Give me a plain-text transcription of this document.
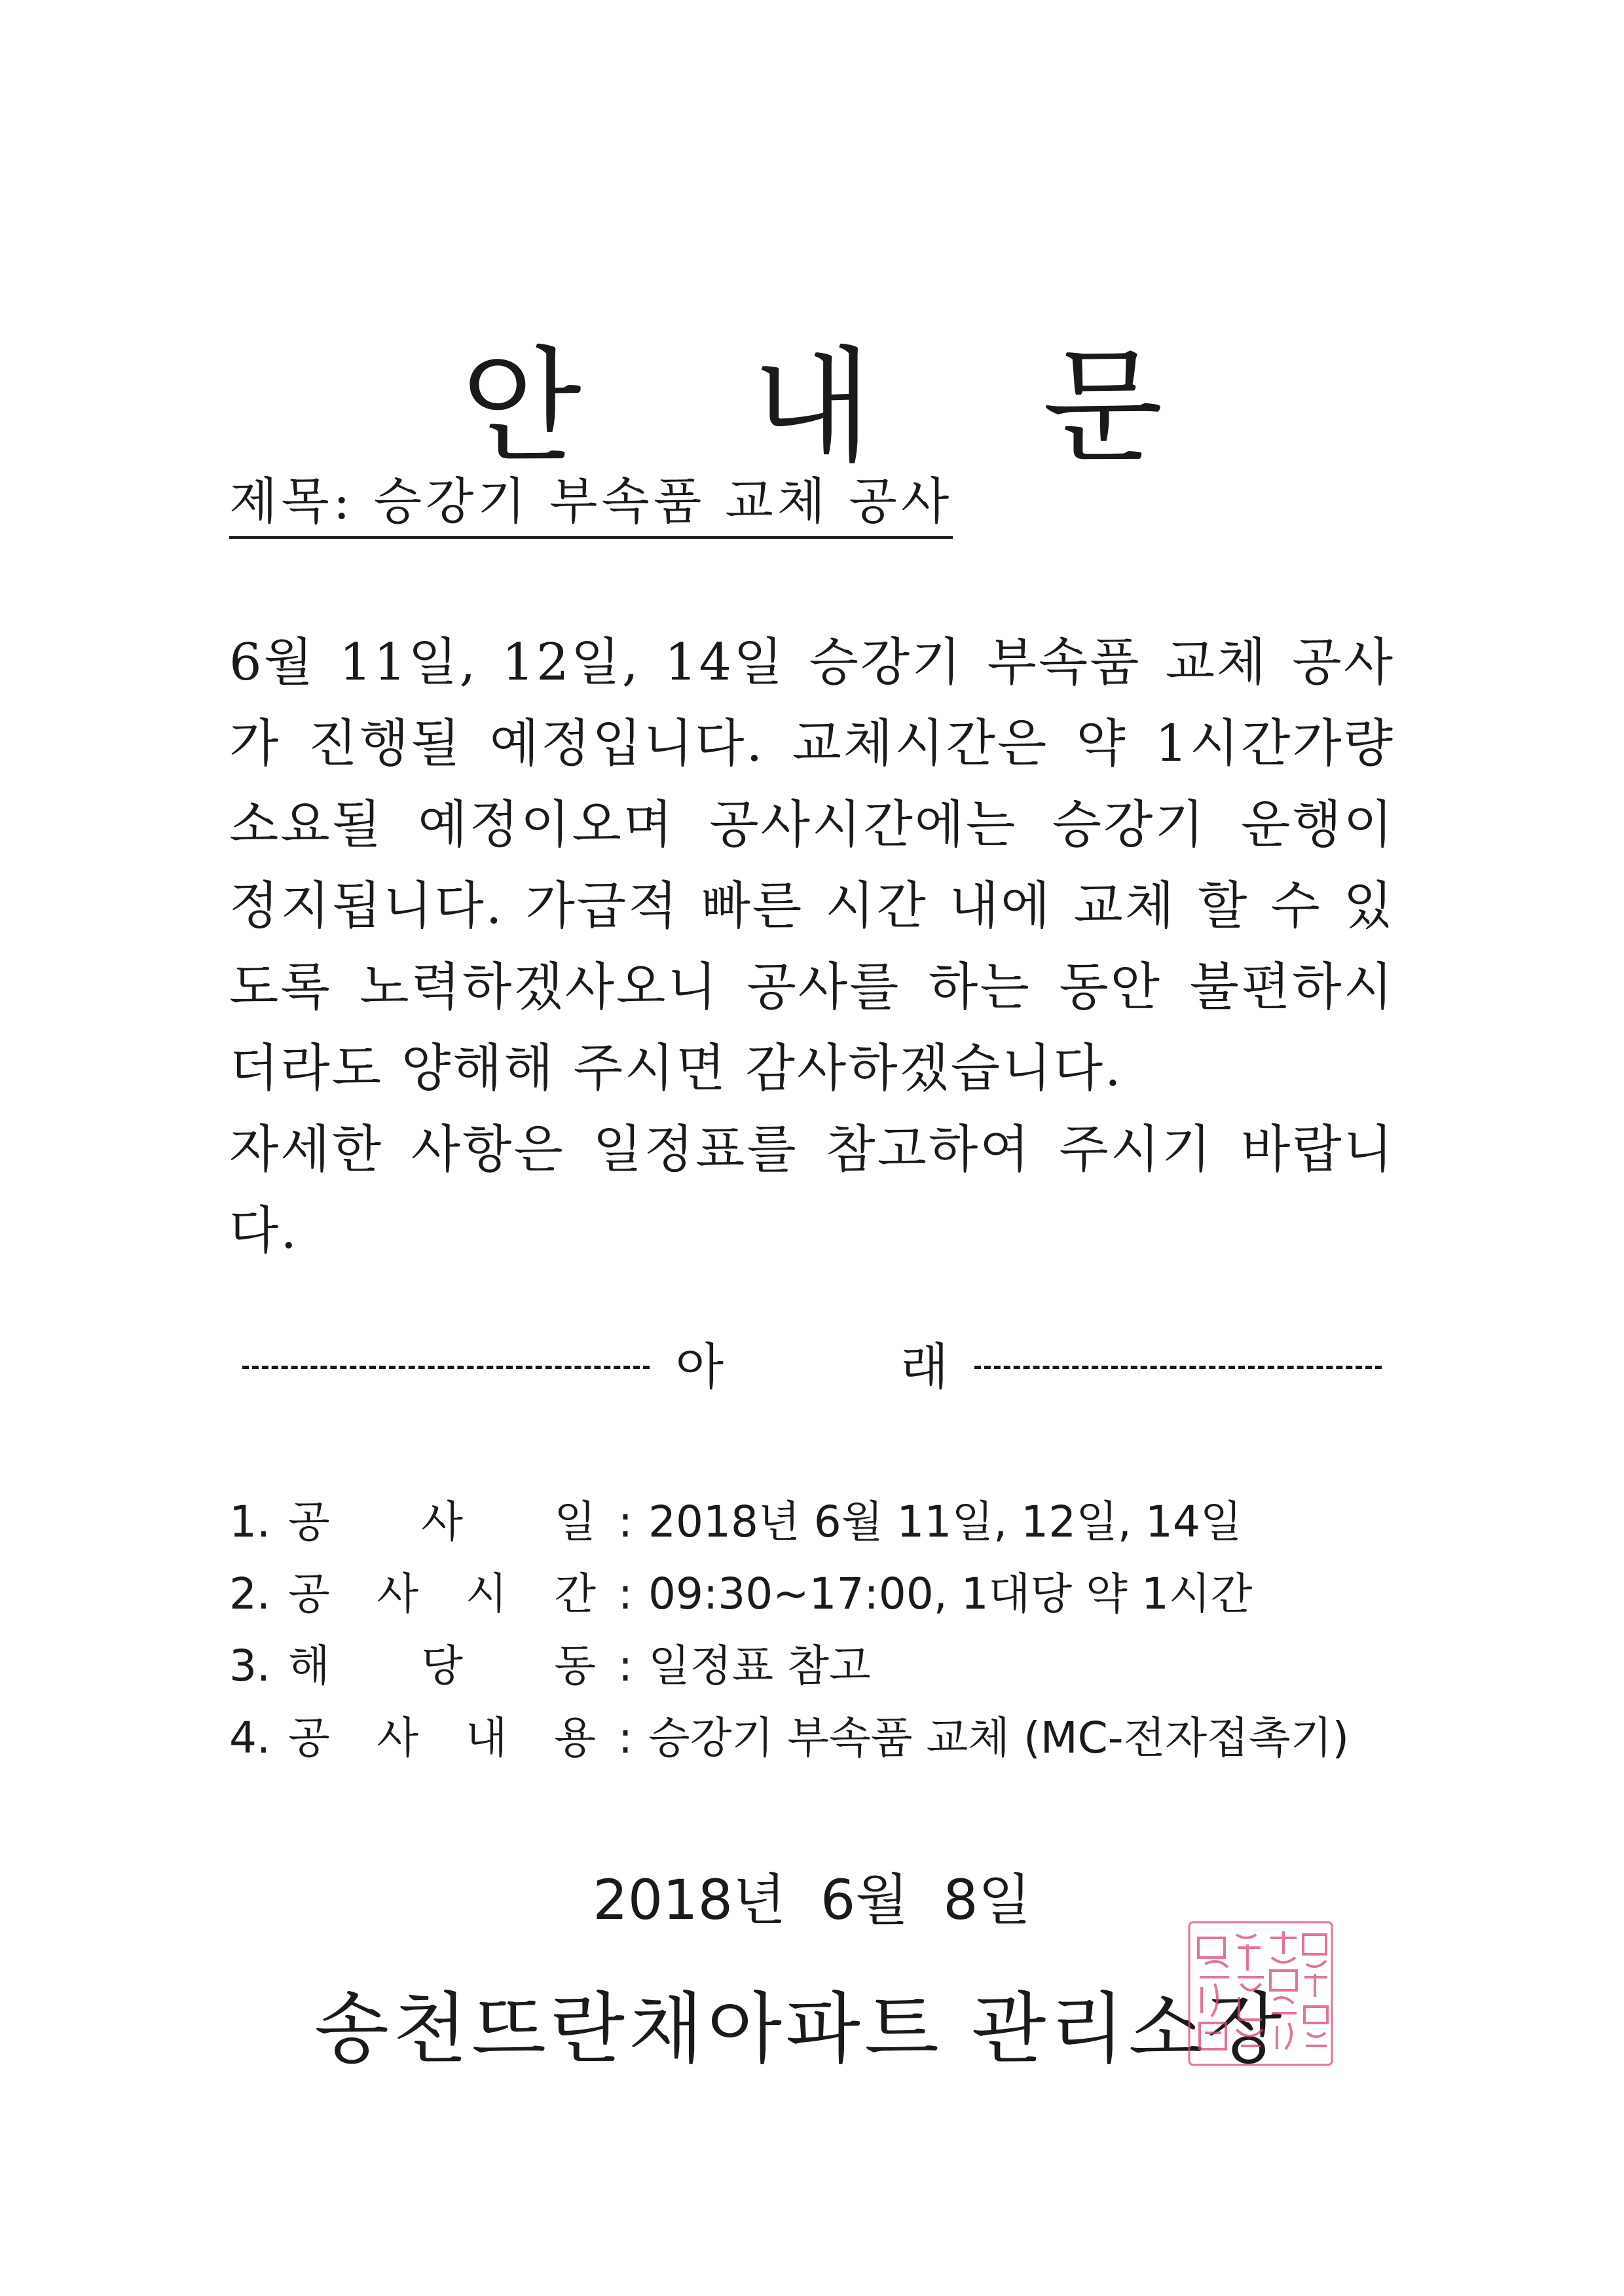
안 내 문
제목: 승강기 부속품 교체 공사

6월 11일, 12일, 14일 승강기 부속품 교체 공사가 진행될 예정입니다. 교체시간은 약 1시간가량 소요될 예정이오며 공사시간에는 승강기 운행이 정지됩니다. 가급적 빠른 시간 내에 교체 할 수 있도록 노력하겠사오니 공사를 하는 동안 불편하시더라도 양해해 주시면 감사하겠습니다.

자세한 사항은 일정표를 참고하여 주시기 바랍니다.

아	래
1. 공 사 일 : 2018년 6월 11일, 12일, 14일
2. 공 사 시 간 : 09:30~17:00, 1대당 약 1시간
3. 해 당 동 : 일정표 참고
4. 공 사 내 용 : 승강기 부속품 교체 (MC-전자접촉기)
2018년 6월 8일
송천뜨란채아파트 관리소장
